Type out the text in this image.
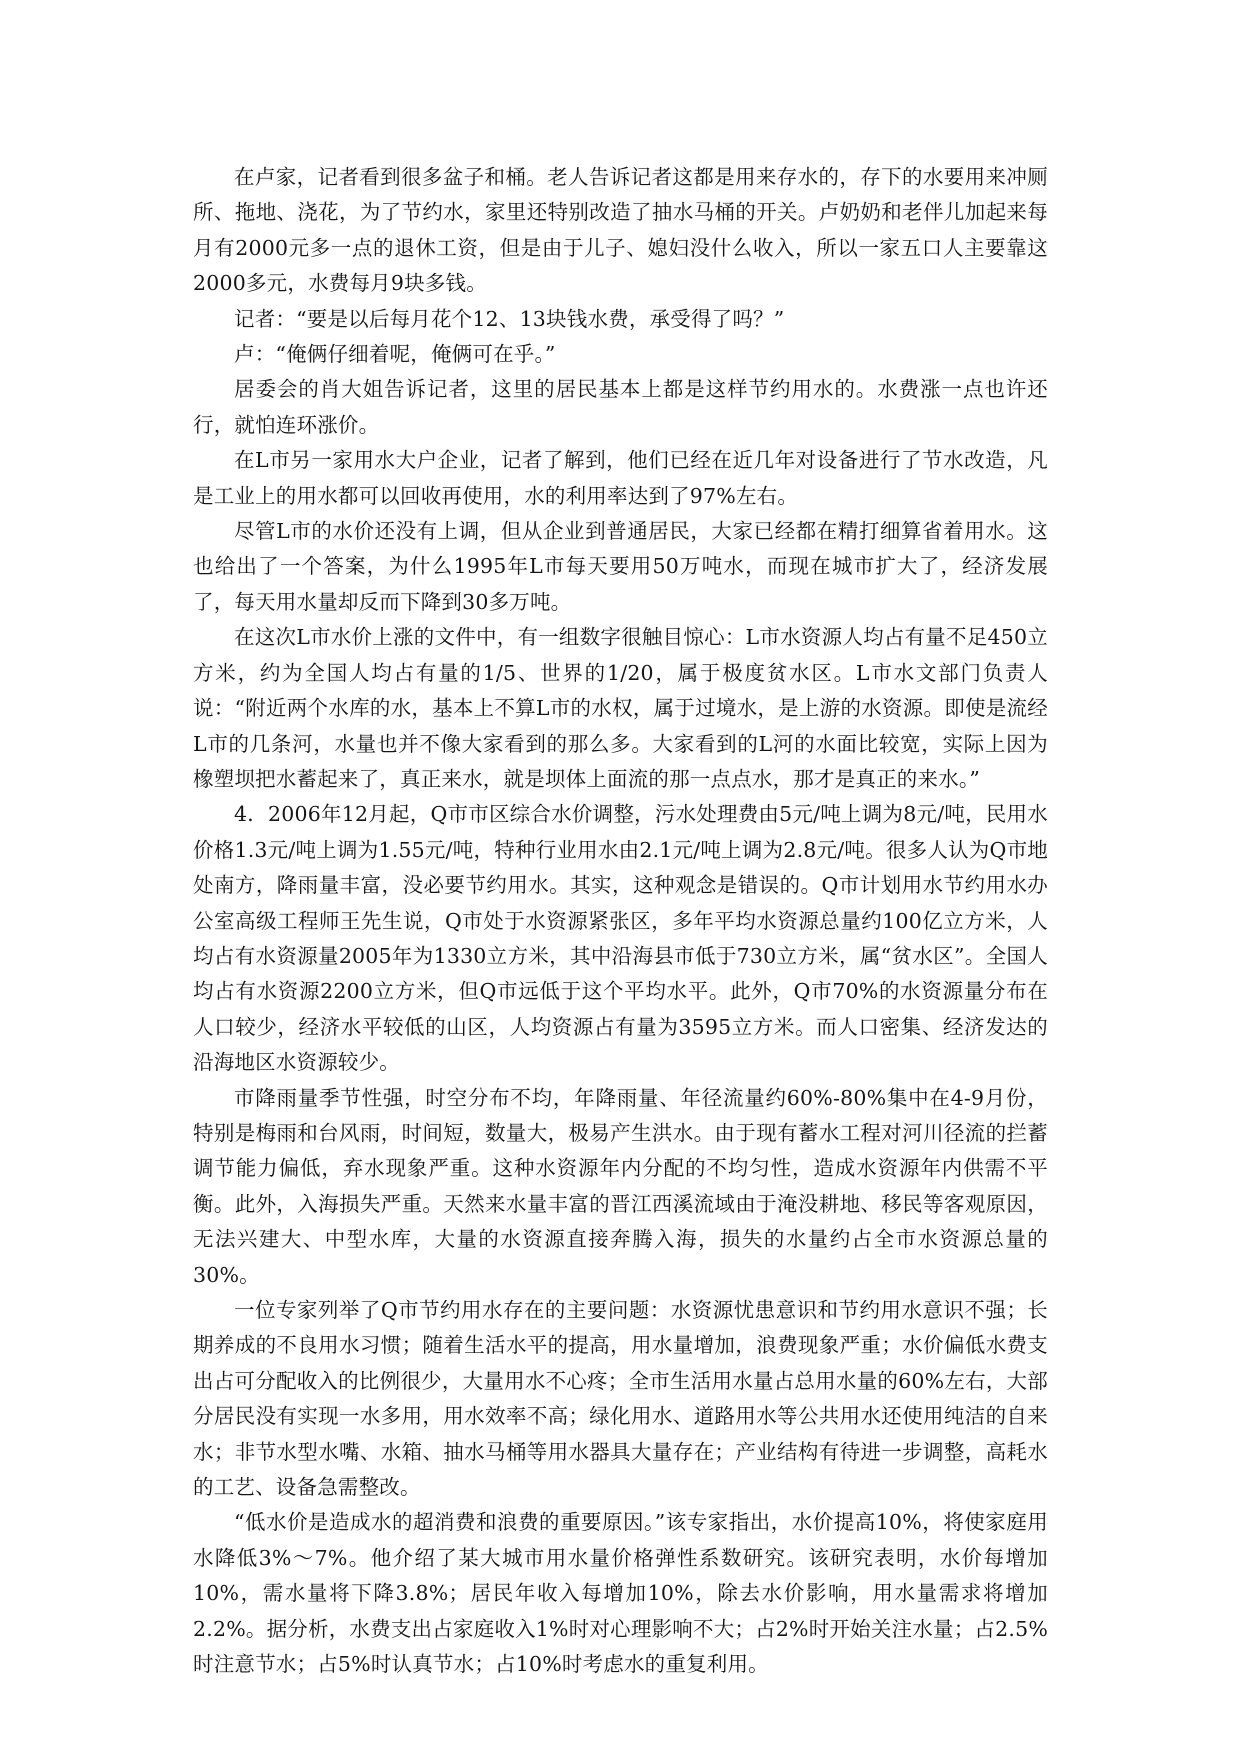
在卢家，记者看到很多盆子和桶。老人告诉记者这都是用来存水的，存下的水要用来冲厕所、拖地、浇花，为了节约水，家里还特别改造了抽水马桶的开关。卢奶奶和老伴儿加起来每月有2000元多一点的退休工资，但是由于儿子、媳妇没什么收入，所以一家五口人主要靠这2000多元，水费每月9块多钱。

记者：“要是以后每月花个12、13块钱水费，承受得了吗？”

卢：“俺俩仔细着呢，俺俩可在乎。”

居委会的肖大姐告诉记者，这里的居民基本上都是这样节约用水的。水费涨一点也许还行，就怕连环涨价。

在L市另一家用水大户企业，记者了解到，他们已经在近几年对设备进行了节水改造，凡是工业上的用水都可以回收再使用，水的利用率达到了97%左右。

尽管L市的水价还没有上调，但从企业到普通居民，大家已经都在精打细算省着用水。这也给出了一个答案，为什么1995年L市每天要用50万吨水，而现在城市扩大了，经济发展了，每天用水量却反而下降到30多万吨。

在这次L市水价上涨的文件中，有一组数字很触目惊心：L市水资源人均占有量不足450立方米，约为全国人均占有量的1/5、世界的1/20，属于极度贫水区。L市水文部门负责人说：“附近两个水库的水，基本上不算L市的水权，属于过境水，是上游的水资源。即使是流经L市的几条河，水量也并不像大家看到的那么多。大家看到的L河的水面比较宽，实际上因为橡塑坝把水蓄起来了，真正来水，就是坝体上面流的那一点点水，那才是真正的来水。”

4．2006年12月起，Q市市区综合水价调整，污水处理费由5元/吨上调为8元/吨，民用水价格1.3元/吨上调为1.55元/吨，特种行业用水由2.1元/吨上调为2.8元/吨。很多人认为Q市地处南方，降雨量丰富，没必要节约用水。其实，这种观念是错误的。Q市计划用水节约用水办公室高级工程师王先生说，Q市处于水资源紧张区，多年平均水资源总量约100亿立方米，人均占有水资源量2005年为1330立方米，其中沿海县市低于730立方米，属“贫水区”。全国人均占有水资源2200立方米，但Q市远低于这个平均水平。此外，Q市70%的水资源量分布在人口较少，经济水平较低的山区，人均资源占有量为3595立方米。而人口密集、经济发达的沿海地区水资源较少。

市降雨量季节性强，时空分布不均，年降雨量、年径流量约60%-80%集中在4-9月份，特别是梅雨和台风雨，时间短，数量大，极易产生洪水。由于现有蓄水工程对河川径流的拦蓄调节能力偏低，弃水现象严重。这种水资源年内分配的不均匀性，造成水资源年内供需不平衡。此外，入海损失严重。天然来水量丰富的晋江西溪流域由于淹没耕地、移民等客观原因，无法兴建大、中型水库，大量的水资源直接奔腾入海，损失的水量约占全市水资源总量的30%。

一位专家列举了Q市节约用水存在的主要问题：水资源忧患意识和节约用水意识不强；长期养成的不良用水习惯；随着生活水平的提高，用水量增加，浪费现象严重；水价偏低水费支出占可分配收入的比例很少，大量用水不心疼；全市生活用水量占总用水量的60%左右，大部分居民没有实现一水多用，用水效率不高；绿化用水、道路用水等公共用水还使用纯洁的自来水；非节水型水嘴、水箱、抽水马桶等用水器具大量存在；产业结构有待进一步调整，高耗水的工艺、设备急需整改。

“低水价是造成水的超消费和浪费的重要原因。”该专家指出，水价提高10%，将使家庭用水降低3%～7%。他介绍了某大城市用水量价格弹性系数研究。该研究表明，水价每增加10%，需水量将下降3.8%；居民年收入每增加10%，除去水价影响，用水量需求将增加2.2%。据分析，水费支出占家庭收入1%时对心理影响不大；占2%时开始关注水量；占2.5%时注意节水；占5%时认真节水；占10%时考虑水的重复利用。
